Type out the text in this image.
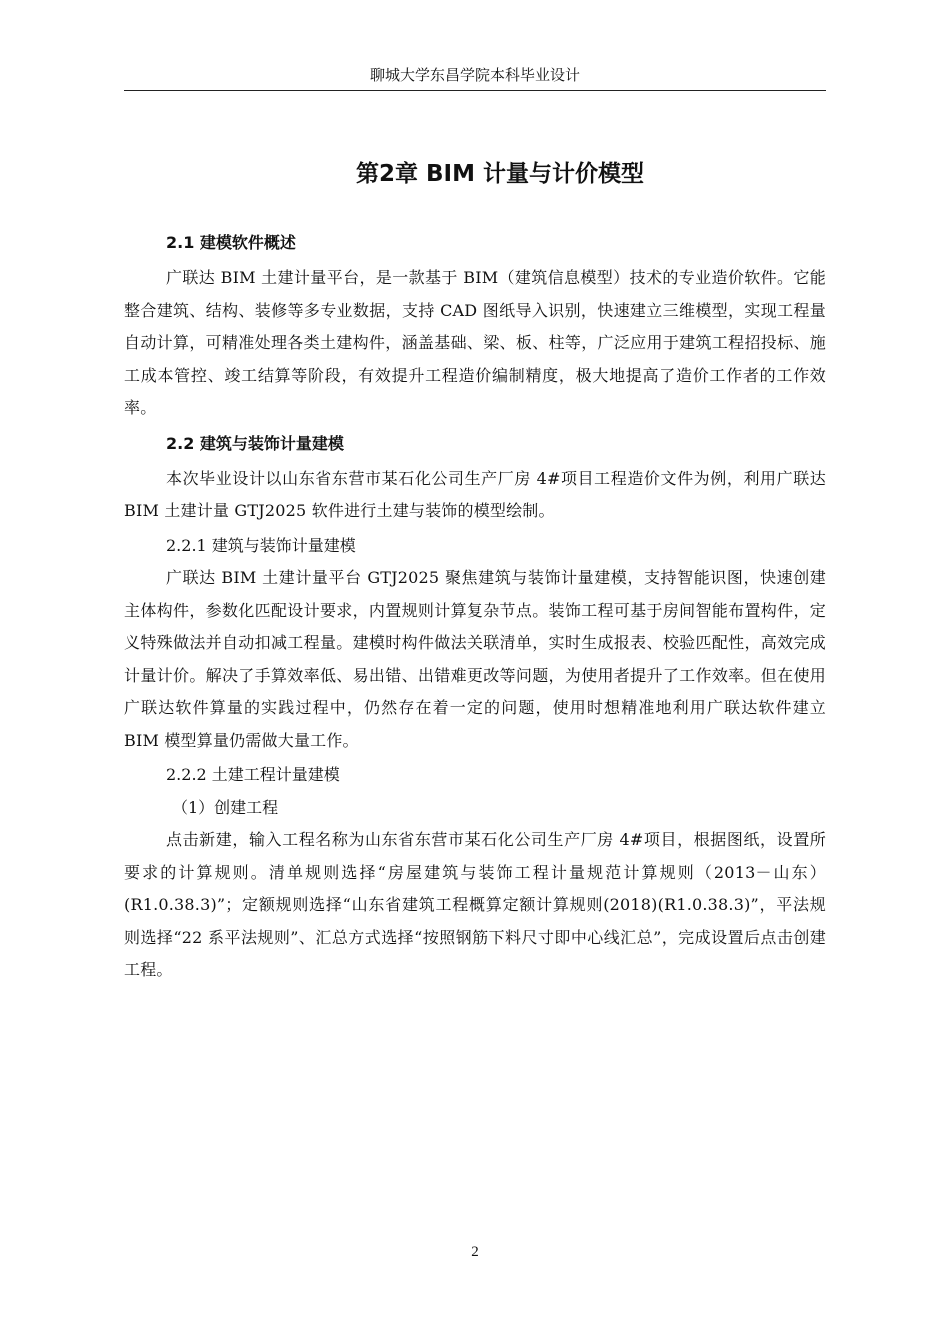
聊城大学东昌学院本科毕业设计
第2章 BIM 计量与计价模型
2.1 建模软件概述

广联达 BIM 土建计量平台，是一款基于 BIM（建筑信息模型）技术的专业造价软件。它能整合建筑、结构、装修等多专业数据，支持 CAD 图纸导入识别，快速建立三维模型，实现工程量自动计算，可精准处理各类土建构件，涵盖基础、梁、板、柱等，广泛应用于建筑工程招投标、施工成本管控、竣工结算等阶段，有效提升工程造价编制精度，极大地提高了造价工作者的工作效率。

2.2 建筑与装饰计量建模

本次毕业设计以山东省东营市某石化公司生产厂房 4#项目工程造价文件为例，利用广联达 BIM 土建计量 GTJ2025 软件进行土建与装饰的模型绘制。

2.2.1 建筑与装饰计量建模

广联达 BIM 土建计量平台 GTJ2025 聚焦建筑与装饰计量建模，支持智能识图，快速创建主体构件，参数化匹配设计要求，内置规则计算复杂节点。装饰工程可基于房间智能布置构件，定义特殊做法并自动扣减工程量。建模时构件做法关联清单，实时生成报表、校验匹配性，高效完成计量计价。解决了手算效率低、易出错、出错难更改等问题，为使用者提升了工作效率。但在使用广联达软件算量的实践过程中，仍然存在着一定的问题，使用时想精准地利用广联达软件建立 BIM 模型算量仍需做大量工作。

2.2.2 土建工程计量建模
（1）创建工程

点击新建，输入工程名称为山东省东营市某石化公司生产厂房 4#项目，根据图纸，设置所要求的计算规则。清单规则选择“房屋建筑与装饰工程计量规范计算规则（2013－山东）(R1.0.38.3)”；定额规则选择“山东省建筑工程概算定额计算规则(2018)(R1.0.38.3)”，平法规则选择“22 系平法规则”、汇总方式选择“按照钢筋下料尺寸即中心线汇总”，完成设置后点击创建工程。

2
